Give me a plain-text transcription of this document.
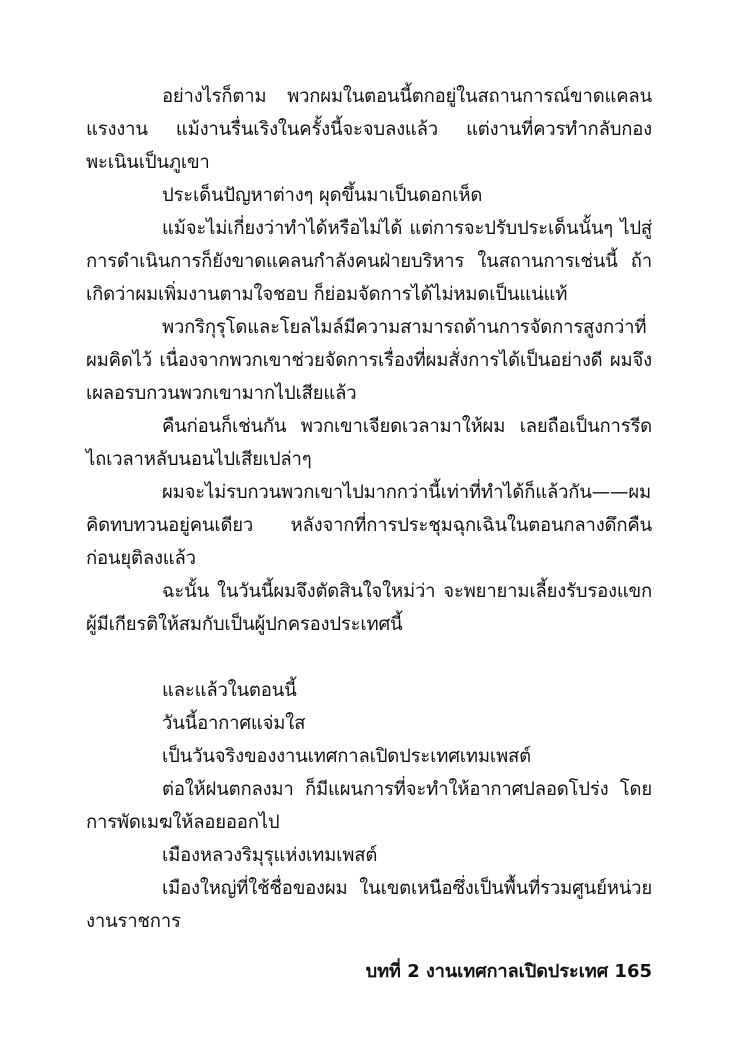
อย่างไรก็ตาม พวกผมในตอนนี้ตกอยู่ในสถานการณ์ขาดแคลนแรงงาน แม้งานรื่นเริงในครั้งนี้จะจบลงแล้ว แต่งานที่ควรทำกลับกองพะเนินเป็นภูเขา

ประเด็นปัญหาต่างๆ ผุดขึ้นมาเป็นดอกเห็ด

แม้จะไม่เกี่ยงว่าทำได้หรือไม่ได้ แต่การจะปรับประเด็นนั้นๆ ไปสู่การดำเนินการก็ยังขาดแคลนกำลังคนฝ่ายบริหาร ในสถานการเช่นนี้ ถ้าเกิดว่าผมเพิ่มงานตามใจชอบ ก็ย่อมจัดการได้ไม่หมดเป็นแน่แท้

พวกริกุรุโดและโยลไมล์มีความสามารถด้านการจัดการสูงกว่าที่ผมคิดไว้ เนื่องจากพวกเขาช่วยจัดการเรื่องที่ผมสั่งการได้เป็นอย่างดี ผมจึงเผลอรบกวนพวกเขามากไปเสียแล้ว

คืนก่อนก็เช่นกัน พวกเขาเจียดเวลามาให้ผม เลยถือเป็นการรีดไถเวลาหลับนอนไปเสียเปล่าๆ

ผมจะไม่รบกวนพวกเขาไปมากกว่านี้เท่าที่ทำได้ก็แล้วกัน——ผมคิดทบทวนอยู่คนเดียว หลังจากที่การประชุมฉุกเฉินในตอนกลางดึกคืนก่อนยุติลงแล้ว

ฉะนั้น ในวันนี้ผมจึงตัดสินใจใหม่ว่า จะพยายามเลี้ยงรับรองแขกผู้มีเกียรติให้สมกับเป็นผู้ปกครองประเทศนี้

และแล้วในตอนนี้

วันนี้อากาศแจ่มใส

เป็นวันจริงของงานเทศกาลเปิดประเทศเทมเพสต์

ต่อให้ฝนตกลงมา ก็มีแผนการที่จะทำให้อากาศปลอดโปร่ง โดยการพัดเมฆให้ลอยออกไป

เมืองหลวงริมุรุแห่งเทมเพสต์

เมืองใหญ่ที่ใช้ชื่อของผม ในเขตเหนือซึ่งเป็นพื้นที่รวมศูนย์หน่วยงานราชการ

บทที่ 2 งานเทศกาลเปิดประเทศ 165
